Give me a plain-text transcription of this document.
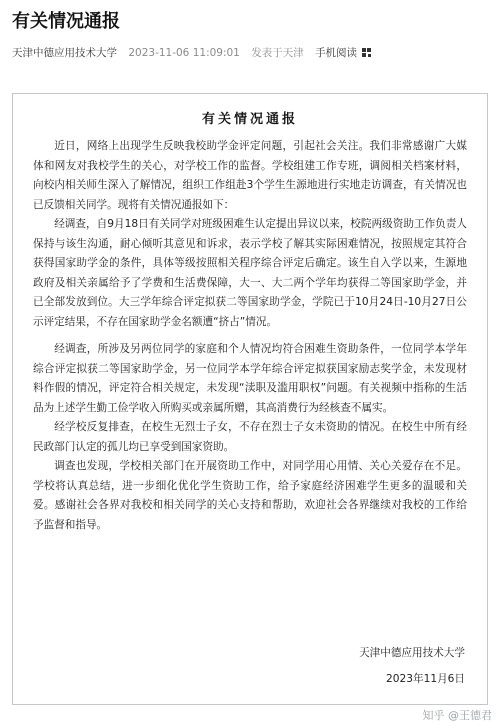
有关情况通报
天津中德应用技术大学 2023-11-06 11:09:01 发表于天津 手机阅读

有关情况通报

近日，网络上出现学生反映我校助学金评定问题，引起社会关注。我们非常感谢广大媒体和网友对我校学生的关心，对学校工作的监督。学校组建工作专班，调阅相关档案材料，向校内相关师生深入了解情况，组织工作组赴3个学生生源地进行实地走访调查，有关情况也已反馈相关同学。现将有关情况通报如下：

经调查，自9月18日有关同学对班级困难生认定提出异议以来，校院两级资助工作负责人保持与该生沟通，耐心倾听其意见和诉求，表示学校了解其实际困难情况，按照规定其符合获得国家助学金的条件，具体等级按照相关程序综合评定后确定。该生自入学以来，生源地政府及相关亲属给予了学费和生活费保障，大一、大二两个学年均获得二等国家助学金，并已全部发放到位。大三学年综合评定拟获二等国家助学金，学院已于10月24日-10月27日公示评定结果，不存在国家助学金名额遭“挤占”情况。

经调查，所涉及另两位同学的家庭和个人情况均符合困难生资助条件，一位同学本学年综合评定拟获二等国家助学金，另一位同学本学年综合评定拟获国家励志奖学金，未发现材料作假的情况，评定符合相关规定，未发现“渎职及滥用职权”问题。有关视频中指称的生活品为上述学生勤工俭学收入所购买或亲属所赠，其高消费行为经核查不属实。

经学校反复排查，在校生无烈士子女，不存在烈士子女未资助的情况。在校生中所有经民政部门认定的孤儿均已享受到国家资助。

调查也发现，学校相关部门在开展资助工作中，对同学用心用情、关心关爱存在不足。学校将认真总结，进一步细化优化学生资助工作，给予家庭经济困难学生更多的温暖和关爱。感谢社会各界对我校和相关同学的关心支持和帮助，欢迎社会各界继续对我校的工作给予监督和指导。

天津中德应用技术大学
2023年11月6日
知乎 @王德君
